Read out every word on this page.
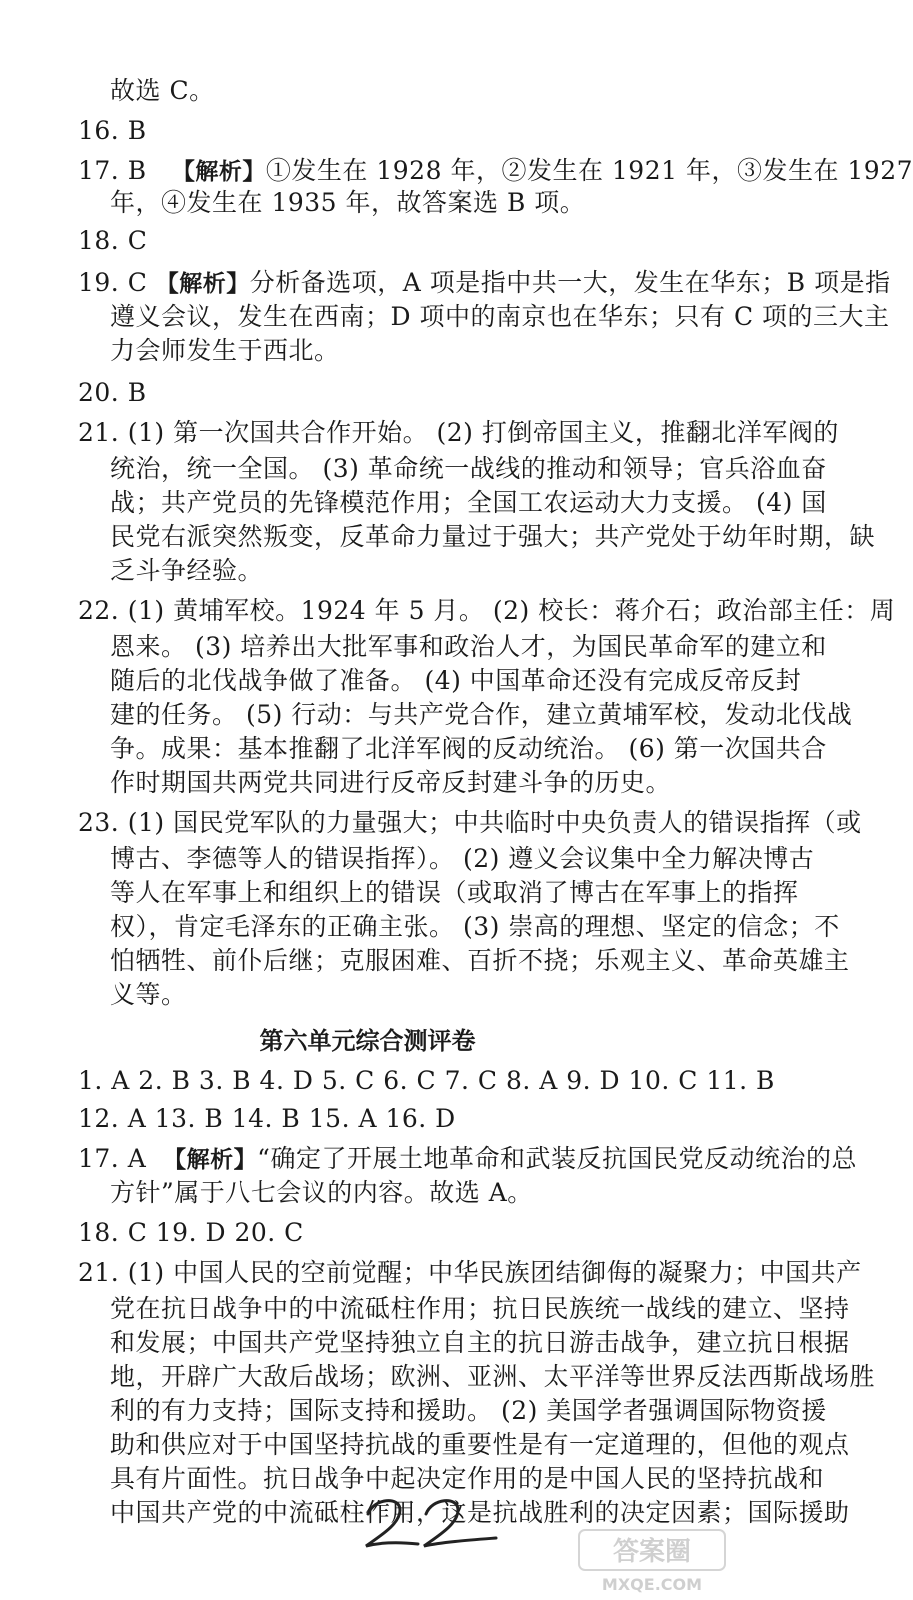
故选 C。
16. B
17. B 【解析】①发生在 1928 年，②发生在 1921 年，③发生在 1927
年，④发生在 1935 年，故答案选 B 项。
18. C
19. C 【解析】分析备选项，A 项是指中共一大，发生在华东；B 项是指
遵义会议，发生在西南；D 项中的南京也在华东；只有 C 项的三大主
力会师发生于西北。
20. B
21. (1) 第一次国共合作开始。 (2) 打倒帝国主义，推翻北洋军阀的
统治，统一全国。 (3) 革命统一战线的推动和领导；官兵浴血奋
战；共产党员的先锋模范作用；全国工农运动大力支援。 (4) 国
民党右派突然叛变，反革命力量过于强大；共产党处于幼年时期，缺
乏斗争经验。
22. (1) 黄埔军校。1924 年 5 月。 (2) 校长：蒋介石；政治部主任：周
恩来。 (3) 培养出大批军事和政治人才，为国民革命军的建立和
随后的北伐战争做了准备。 (4) 中国革命还没有完成反帝反封
建的任务。 (5) 行动：与共产党合作，建立黄埔军校，发动北伐战
争。成果：基本推翻了北洋军阀的反动统治。 (6) 第一次国共合
作时期国共两党共同进行反帝反封建斗争的历史。
23. (1) 国民党军队的力量强大；中共临时中央负责人的错误指挥（或
博古、李德等人的错误指挥）。 (2) 遵义会议集中全力解决博古
等人在军事上和组织上的错误（或取消了博古在军事上的指挥
权），肯定毛泽东的正确主张。 (3) 崇高的理想、坚定的信念；不
怕牺牲、前仆后继；克服困难、百折不挠；乐观主义、革命英雄主
义等。
第六单元综合测评卷
1. A 2. B 3. B 4. D 5. C 6. C 7. C 8. A 9. D 10. C 11. B
12. A 13. B 14. B 15. A 16. D
17. A 【解析】“确定了开展土地革命和武装反抗国民党反动统治的总
方针”属于八七会议的内容。故选 A。
18. C 19. D 20. C
21. (1) 中国人民的空前觉醒；中华民族团结御侮的凝聚力；中国共产
党在抗日战争中的中流砥柱作用；抗日民族统一战线的建立、坚持
和发展；中国共产党坚持独立自主的抗日游击战争，建立抗日根据
地，开辟广大敌后战场；欧洲、亚洲、太平洋等世界反法西斯战场胜
利的有力支持；国际支持和援助。 (2) 美国学者强调国际物资援
助和供应对于中国坚持抗战的重要性是有一定道理的，但他的观点
具有片面性。抗日战争中起决定作用的是中国人民的坚持抗战和
中国共产党的中流砥柱作用，这是抗战胜利的决定因素；国际援助
答案圈
MXQE.COM
